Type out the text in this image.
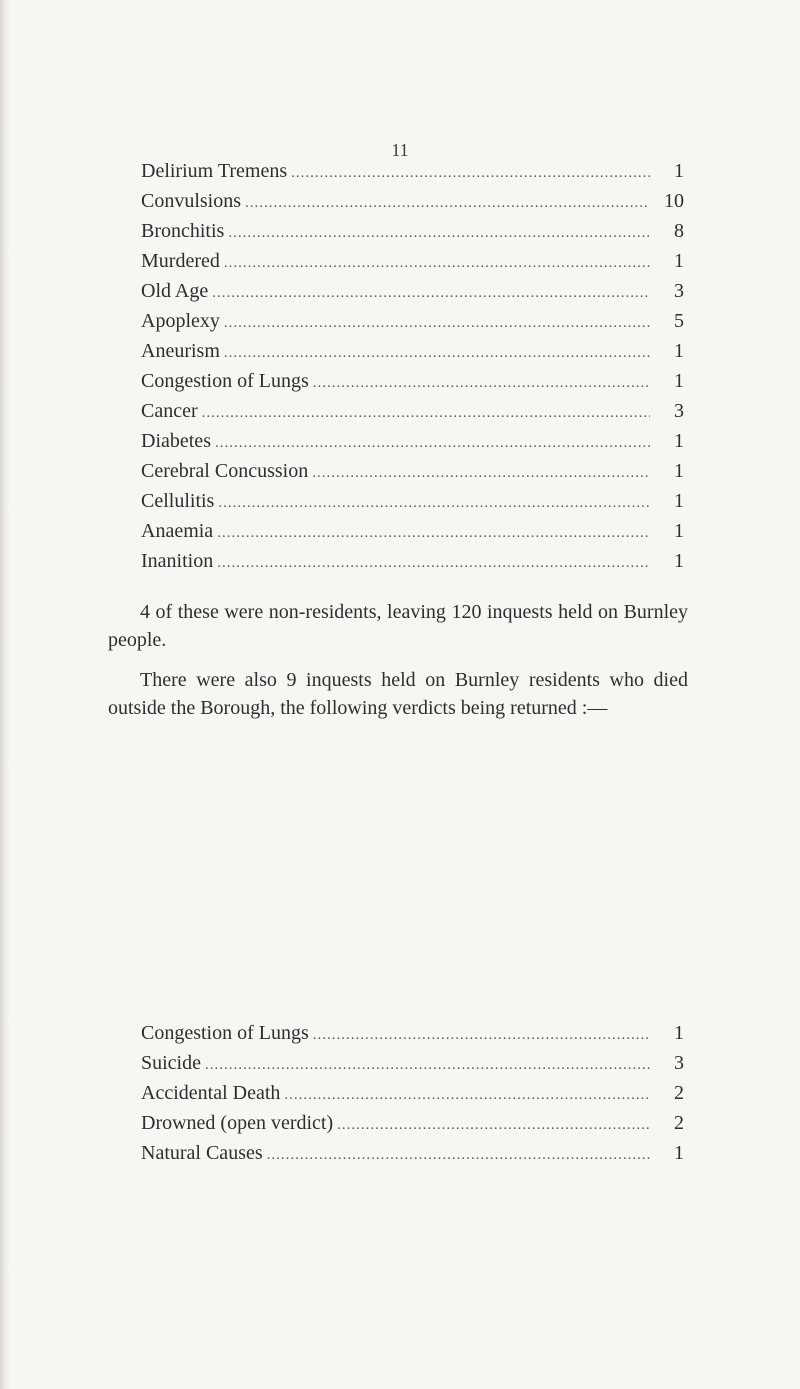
11
Delirium Tremens .....	1
Convulsions .....	10
Bronchitis .....	8
Murdered .....	1
Old Age .....	3
Apoplexy .....	5
Aneurism .....	1
Congestion of Lungs .....	1
Cancer .....	3
Diabetes .....	1
Cerebral Concussion .....	1
Cellulitis .....	1
Anaemia .....	1
Inanition .....	1

4 of these were non-residents, leaving 120 inquests held on Burnley people.

There were also 9 inquests held on Burnley residents who died outside the Borough, the following verdicts being returned :—

Congestion of Lungs .....	1
Suicide .....	3
Accidental Death .....	2
Drowned (open verdict) .....	2
Natural Causes .....	1
